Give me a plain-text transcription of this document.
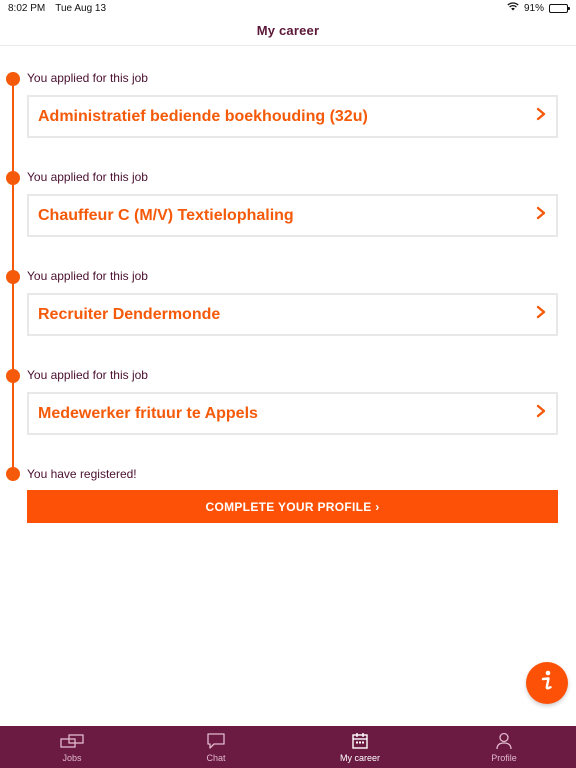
8:02 PM Tue Aug 13	91%
My career
You applied for this job
Administratief bediende boekhouding (32u)
You applied for this job
Chauffeur C (M/V) Textielophaling
You applied for this job
Recruiter Dendermonde
You applied for this job
Medewerker frituur te Appels
You have registered!
COMPLETE YOUR PROFILE ›
Jobs	Chat	My career	Profile
